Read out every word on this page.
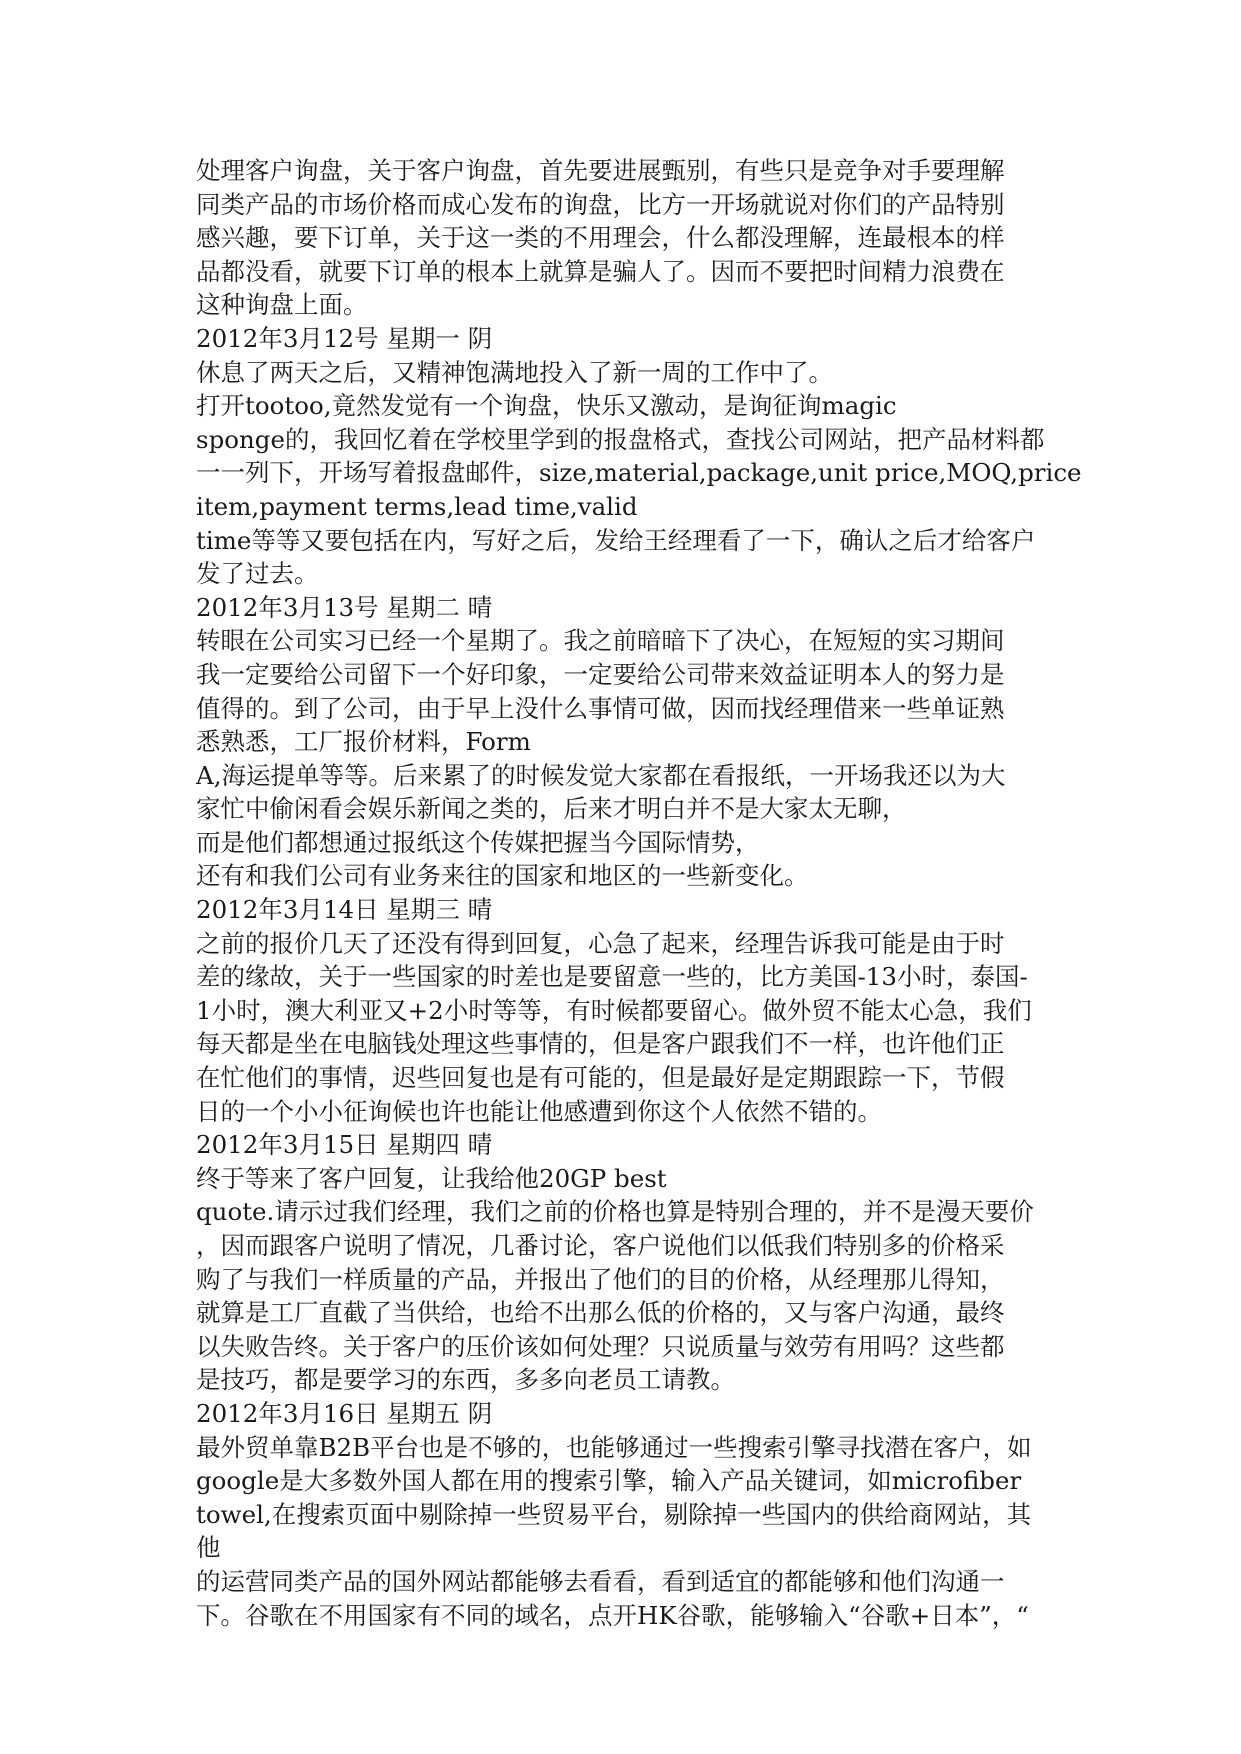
处理客户询盘，关于客户询盘，首先要进展甄别，有些只是竞争对手要理解
同类产品的市场价格而成心发布的询盘，比方一开场就说对你们的产品特别
感兴趣，要下订单，关于这一类的不用理会，什么都没理解，连最根本的样
品都没看，就要下订单的根本上就算是骗人了。因而不要把时间精力浪费在
这种询盘上面。
2012年3月12号 星期一 阴
休息了两天之后，又精神饱满地投入了新一周的工作中了。
打开tootoo,竟然发觉有一个询盘，快乐又激动，是询征询magic
sponge的，我回忆着在学校里学到的报盘格式，查找公司网站，把产品材料都
一一列下，开场写着报盘邮件，size,material,package,unit price,MOQ,price
item,payment terms,lead time,valid
time等等又要包括在内，写好之后，发给王经理看了一下，确认之后才给客户
发了过去。
2012年3月13号 星期二 晴
转眼在公司实习已经一个星期了。我之前暗暗下了决心，在短短的实习期间
我一定要给公司留下一个好印象，一定要给公司带来效益证明本人的努力是
值得的。到了公司，由于早上没什么事情可做，因而找经理借来一些单证熟
悉熟悉，工厂报价材料，Form
A,海运提单等等。后来累了的时候发觉大家都在看报纸，一开场我还以为大
家忙中偷闲看会娱乐新闻之类的，后来才明白并不是大家太无聊，
而是他们都想通过报纸这个传媒把握当今国际情势，
还有和我们公司有业务来往的国家和地区的一些新变化。
2012年3月14日 星期三 晴
之前的报价几天了还没有得到回复，心急了起来，经理告诉我可能是由于时
差的缘故，关于一些国家的时差也是要留意一些的，比方美国-13小时，泰国-
1小时，澳大利亚又+2小时等等，有时候都要留心。做外贸不能太心急，我们
每天都是坐在电脑钱处理这些事情的，但是客户跟我们不一样，也许他们正
在忙他们的事情，迟些回复也是有可能的，但是最好是定期跟踪一下，节假
日的一个小小征询候也许也能让他感遭到你这个人依然不错的。
2012年3月15日 星期四 晴
终于等来了客户回复，让我给他20GP best
quote.请示过我们经理，我们之前的价格也算是特别合理的，并不是漫天要价
，因而跟客户说明了情况，几番讨论，客户说他们以低我们特别多的价格采
购了与我们一样质量的产品，并报出了他们的目的价格，从经理那儿得知，
就算是工厂直截了当供给，也给不出那么低的价格的，又与客户沟通，最终
以失败告终。关于客户的压价该如何处理？只说质量与效劳有用吗？这些都
是技巧，都是要学习的东西，多多向老员工请教。
2012年3月16日 星期五 阴
最外贸单靠B2B平台也是不够的，也能够通过一些搜索引擎寻找潜在客户，如
google是大多数外国人都在用的搜索引擎，输入产品关键词，如microfiber
towel,在搜索页面中剔除掉一些贸易平台，剔除掉一些国内的供给商网站，其
他
的运营同类产品的国外网站都能够去看看，看到适宜的都能够和他们沟通一
下。谷歌在不用国家有不同的域名，点开HK谷歌，能够输入“谷歌+日本”，“
